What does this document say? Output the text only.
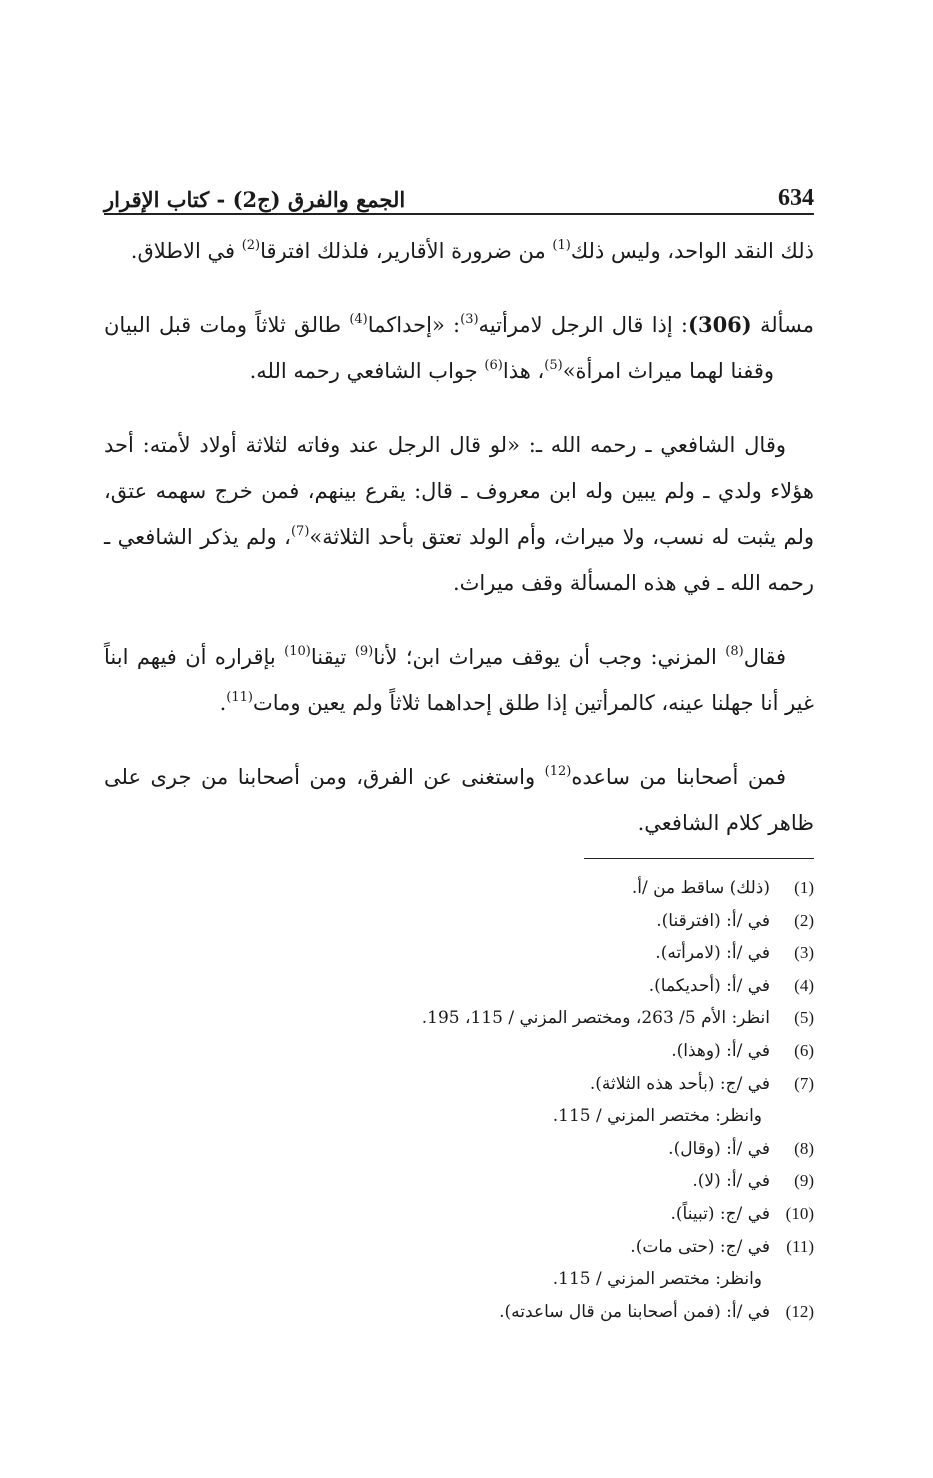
634
الجمع والفرق (ج2) - كتاب الإقرار

ذلك النقد الواحد، وليس ذلك$^{(1)}$ من ضرورة الأقارير، فلذلك افترقا$^{(2)}$ في الاطلاق.

مسألة (306): إذا قال الرجل لامرأتيه$^{(3)}$: «إحداكما$^{(4)}$ طالق ثلاثاً ومات قبل البيان وقفنا لهما ميراث امرأة»$^{(5)}$، هذا$^{(6)}$ جواب الشافعي رحمه الله.

وقال الشافعي ـ رحمه الله ـ: «لو قال الرجل عند وفاته لثلاثة أولاد لأمته: أحد هؤلاء ولدي ـ ولم يبين وله ابن معروف ـ قال: يقرع بينهم، فمن خرج سهمه عتق، ولم يثبت له نسب، ولا ميراث، وأم الولد تعتق بأحد الثلاثة»$^{(7)}$، ولم يذكر الشافعي ـ رحمه الله ـ في هذه المسألة وقف ميراث.

فقال$^{(8)}$ المزني: وجب أن يوقف ميراث ابن؛ لأنا$^{(9)}$ تيقنا$^{(10)}$ بإقراره أن فيهم ابناً غير أنا جهلنا عينه، كالمرأتين إذا طلق إحداهما ثلاثاً ولم يعين ومات$^{(11)}$.

فمن أصحابنا من ساعده$^{(12)}$ واستغنى عن الفرق، ومن أصحابنا من جرى على ظاهر كلام الشافعي.

(1)
(ذلك) ساقط من /أ.
(2)
في /أ: (افترقنا).
(3)
في /أ: (لامرأته).
(4)
في /أ: (أحديكما).
(5)
انظر: الأم 5/ 263، ومختصر المزني / 115، 195.
(6)
في /أ: (وهذا).
(7)
في /ج: (بأحد هذه الثلاثة).
وانظر: مختصر المزني / 115.
(8)
في /أ: (وقال).
(9)
في /أ: (لا).
(10)
في /ج: (تبيناً).
(11)
في /ج: (حتى مات).
وانظر: مختصر المزني / 115.
(12)
في /أ: (فمن أصحابنا من قال ساعدته).
